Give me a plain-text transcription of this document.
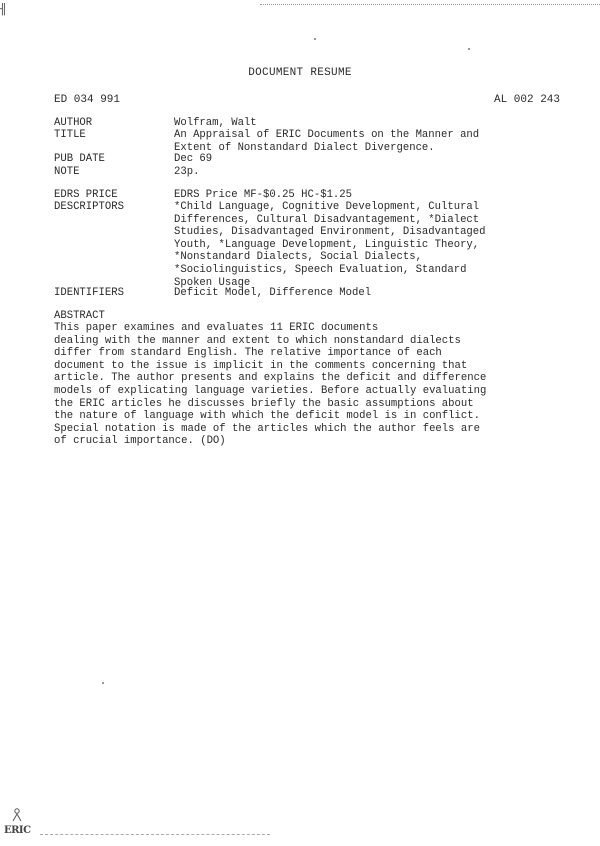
╢
DOCUMENT RESUME
ED 034 991	AL 002 243
AUTHOR	Wolfram, Walt
TITLE	An Appraisal of ERIC Documents on the Manner and
Extent of Nonstandard Dialect Divergence.
PUB DATE	Dec 69
NOTE	23p.
EDRS PRICE	EDRS Price MF-$0.25 HC-$1.25
DESCRIPTORS	*Child Language, Cognitive Development, Cultural
Differences, Cultural Disadvantagement, *Dialect
Studies, Disadvantaged Environment, Disadvantaged
Youth, *Language Development, Linguistic Theory,
*Nonstandard Dialects, Social Dialects,
*Sociolinguistics, Speech Evaluation, Standard
Spoken Usage
IDENTIFIERS	Deficit Model, Difference Model
ABSTRACT
This paper examines and evaluates 11 ERIC documents
dealing with the manner and extent to which nonstandard dialects
differ from standard English. The relative importance of each
document to the issue is implicit in the comments concerning that
article. The author presents and explains the deficit and difference
models of explicating language varieties. Before actually evaluating
the ERIC articles he discusses briefly the basic assumptions about
the nature of language with which the deficit model is in conflict.
Special notation is made of the articles which the author feels are
of crucial importance. (DO)
ERIC
